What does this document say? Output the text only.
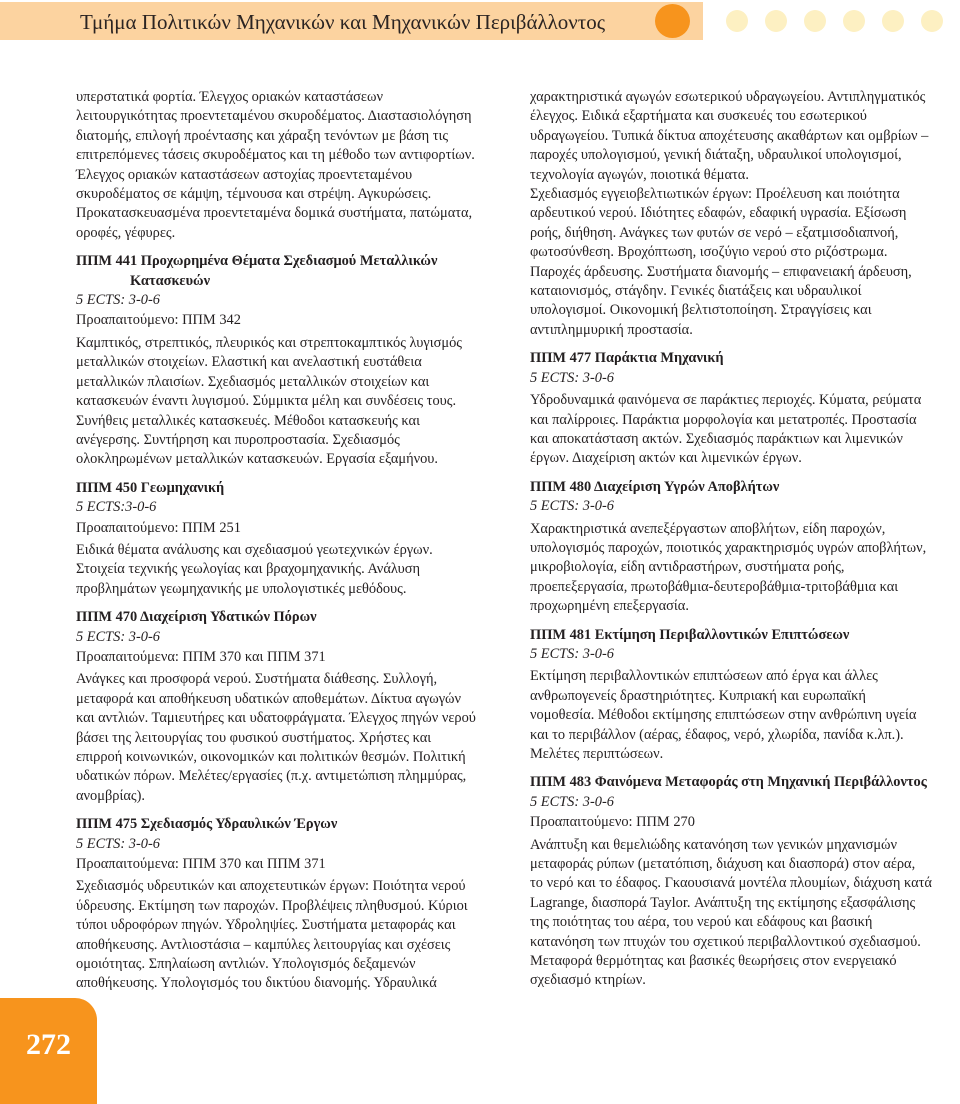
Τμήμα Πολιτικών Μηχανικών και Μηχανικών Περιβάλλοντος
υπερστατικά φορτία. Έλεγχος οριακών καταστάσεων
λειτουργικότητας προεντεταμένου σκυροδέματος. Διαστασιολόγηση
διατομής, επιλογή προέντασης και χάραξη τενόντων με βάση τις
επιτρεπόμενες τάσεις σκυροδέματος και τη μέθοδο των αντιφορτίων.
Έλεγχος οριακών καταστάσεων αστοχίας προεντεταμένου
σκυροδέματος σε κάμψη, τέμνουσα και στρέψη. Αγκυρώσεις.
Προκατασκευασμένα προεντεταμένα δομικά συστήματα, πατώματα,
οροφές, γέφυρες.
ΠΠΜ 441 Προχωρημένα Θέματα Σχεδιασμού Μεταλλικών
Κατασκευών
5 ECTS: 3-0-6
Προαπαιτούμενο: ΠΠΜ 342
Καμπτικός, στρεπτικός, πλευρικός και στρεπτοκαμπτικός λυγισμός
μεταλλικών στοιχείων. Ελαστική και ανελαστική ευστάθεια
μεταλλικών πλαισίων. Σχεδιασμός μεταλλικών στοιχείων και
κατασκευών έναντι λυγισμού. Σύμμικτα μέλη και συνδέσεις τους.
Συνήθεις μεταλλικές κατασκευές. Μέθοδοι κατασκευής και
ανέγερσης. Συντήρηση και πυροπροστασία. Σχεδιασμός
ολοκληρωμένων μεταλλικών κατασκευών. Εργασία εξαμήνου.
ΠΠΜ 450 Γεωμηχανική
5 ECTS:3-0-6
Προαπαιτούμενο: ΠΠΜ 251
Ειδικά θέματα ανάλυσης και σχεδιασμού γεωτεχνικών έργων.
Στοιχεία τεχνικής γεωλογίας και βραχομηχανικής. Ανάλυση
προβλημάτων γεωμηχανικής με υπολογιστικές μεθόδους.
ΠΠΜ 470 Διαχείριση Υδατικών Πόρων
5 ECTS: 3-0-6
Προαπαιτούμενα: ΠΠΜ 370 και ΠΠΜ 371
Ανάγκες και προσφορά νερού. Συστήματα διάθεσης. Συλλογή,
μεταφορά και αποθήκευση υδατικών αποθεμάτων. Δίκτυα αγωγών
και αντλιών. Ταμιευτήρες και υδατοφράγματα. Έλεγχος πηγών νερού
βάσει της λειτουργίας του φυσικού συστήματος. Χρήστες και
επιρροή κοινωνικών, οικονομικών και πολιτικών θεσμών. Πολιτική
υδατικών πόρων. Μελέτες/εργασίες (π.χ. αντιμετώπιση πλημμύρας,
ανομβρίας).
ΠΠΜ 475 Σχεδιασμός Υδραυλικών Έργων
5 ECTS: 3-0-6
Προαπαιτούμενα: ΠΠΜ 370 και ΠΠΜ 371
Σχεδιασμός υδρευτικών και αποχετευτικών έργων: Ποιότητα νερού
ύδρευσης. Εκτίμηση των παροχών. Προβλέψεις πληθυσμού. Κύριοι
τύποι υδροφόρων πηγών. Υδροληψίες. Συστήματα μεταφοράς και
αποθήκευσης. Αντλιοστάσια – καμπύλες λειτουργίας και σχέσεις
ομοιότητας. Σπηλαίωση αντλιών. Υπολογισμός δεξαμενών
αποθήκευσης. Υπολογισμός του δικτύου διανομής. Υδραυλικά
χαρακτηριστικά αγωγών εσωτερικού υδραγωγείου. Αντιπληγματικός
έλεγχος. Ειδικά εξαρτήματα και συσκευές του εσωτερικού
υδραγωγείου. Τυπικά δίκτυα αποχέτευσης ακαθάρτων και ομβρίων –
παροχές υπολογισμού, γενική διάταξη, υδραυλικοί υπολογισμοί,
τεχνολογία αγωγών, ποιοτικά θέματα.
Σχεδιασμός εγγειοβελτιωτικών έργων: Προέλευση και ποιότητα
αρδευτικού νερού. Ιδιότητες εδαφών, εδαφική υγρασία. Εξίσωση
ροής, διήθηση. Ανάγκες των φυτών σε νερό – εξατμισοδιαπνοή,
φωτοσύνθεση. Βροχόπτωση, ισοζύγιο νερού στο ριζόστρωμα.
Παροχές άρδευσης. Συστήματα διανομής – επιφανειακή άρδευση,
καταιονισμός, στάγδην. Γενικές διατάξεις και υδραυλικοί
υπολογισμοί. Οικονομική βελτιστοποίηση. Στραγγίσεις και
αντιπλημμυρική προστασία.
ΠΠΜ 477 Παράκτια Μηχανική
5 ECTS: 3-0-6
Υδροδυναμικά φαινόμενα σε παράκτιες περιοχές. Κύματα, ρεύματα
και παλίρροιες. Παράκτια μορφολογία και μετατροπές. Προστασία
και αποκατάσταση ακτών. Σχεδιασμός παράκτιων και λιμενικών
έργων. Διαχείριση ακτών και λιμενικών έργων.
ΠΠΜ 480 Διαχείριση Υγρών Αποβλήτων
5 ECTS: 3-0-6
Χαρακτηριστικά ανεπεξέργαστων αποβλήτων, είδη παροχών,
υπολογισμός παροχών, ποιοτικός χαρακτηρισμός υγρών αποβλήτων,
μικροβιολογία, είδη αντιδραστήρων, συστήματα ροής,
προεπεξεργασία, πρωτοβάθμια-δευτεροβάθμια-τριτοβάθμια και
προχωρημένη επεξεργασία.
ΠΠΜ 481 Εκτίμηση Περιβαλλοντικών Επιπτώσεων
5 ECTS: 3-0-6
Εκτίμηση περιβαλλοντικών επιπτώσεων από έργα και άλλες
ανθρωπογενείς δραστηριότητες. Κυπριακή και ευρωπαϊκή
νομοθεσία. Μέθοδοι εκτίμησης επιπτώσεων στην ανθρώπινη υγεία
και το περιβάλλον (αέρας, έδαφος, νερό, χλωρίδα, πανίδα κ.λπ.).
Μελέτες περιπτώσεων.
ΠΠΜ 483 Φαινόμενα Μεταφοράς στη Μηχανική Περιβάλλοντος
5 ECTS: 3-0-6
Προαπαιτούμενο: ΠΠΜ 270
Ανάπτυξη και θεμελιώδης κατανόηση των γενικών μηχανισμών
μεταφοράς ρύπων (μετατόπιση, διάχυση και διασπορά) στον αέρα,
το νερό και το έδαφος. Γκαουσιανά μοντέλα πλουμίων, διάχυση κατά
Lagrange, διασπορά Taylor. Ανάπτυξη της εκτίμησης εξασφάλισης
της ποιότητας του αέρα, του νερού και εδάφους και βασική
κατανόηση των πτυχών του σχετικού περιβαλλοντικού σχεδιασμού.
Μεταφορά θερμότητας και βασικές θεωρήσεις στον ενεργειακό
σχεδιασμό κτηρίων.
272
